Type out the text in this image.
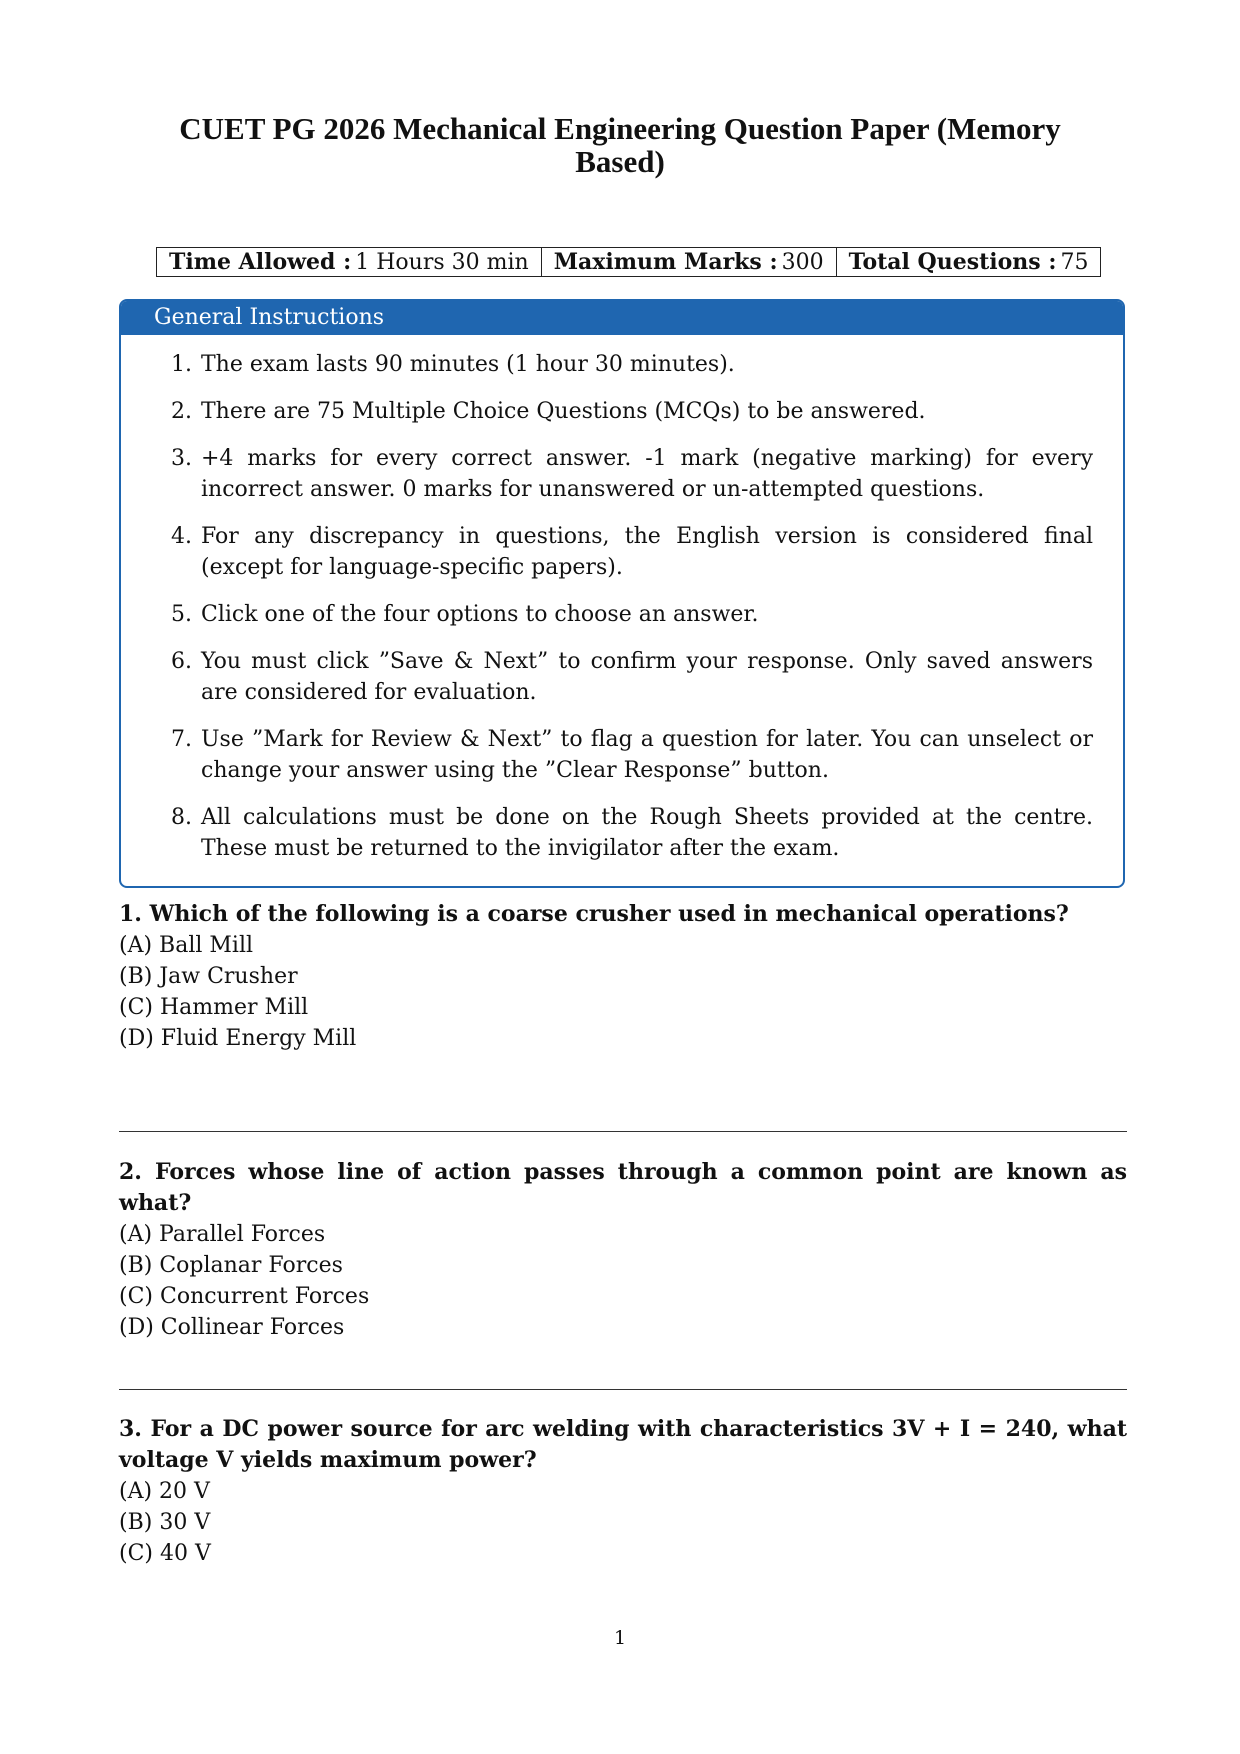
CUET PG 2026 Mechanical Engineering Question Paper (Memory Based)
Time Allowed : 1 Hours 30 min Maximum Marks : 300 Total Questions : 75
General Instructions
1. The exam lasts 90 minutes (1 hour 30 minutes).
2. There are 75 Multiple Choice Questions (MCQs) to be answered.
3. +4 marks for every correct answer. -1 mark (negative marking) for every incorrect answer. 0 marks for unanswered or un-attempted questions.
4. For any discrepancy in questions, the English version is considered final (except for language-specific papers).
5. Click one of the four options to choose an answer.
6. You must click ”Save & Next” to confirm your response. Only saved answers are considered for evaluation.
7. Use ”Mark for Review & Next” to flag a question for later. You can unselect or change your answer using the ”Clear Response” button.
8. All calculations must be done on the Rough Sheets provided at the centre. These must be returned to the invigilator after the exam.

1. Which of the following is a coarse crusher used in mechanical operations?

(A) Ball Mill
(B) Jaw Crusher
(C) Hammer Mill
(D) Fluid Energy Mill

2. Forces whose line of action passes through a common point are known as what?

(A) Parallel Forces
(B) Coplanar Forces
(C) Concurrent Forces
(D) Collinear Forces

3. For a DC power source for arc welding with characteristics 3V + I = 240, what voltage V yields maximum power?

(A) 20 V
(B) 30 V
(C) 40 V
1
